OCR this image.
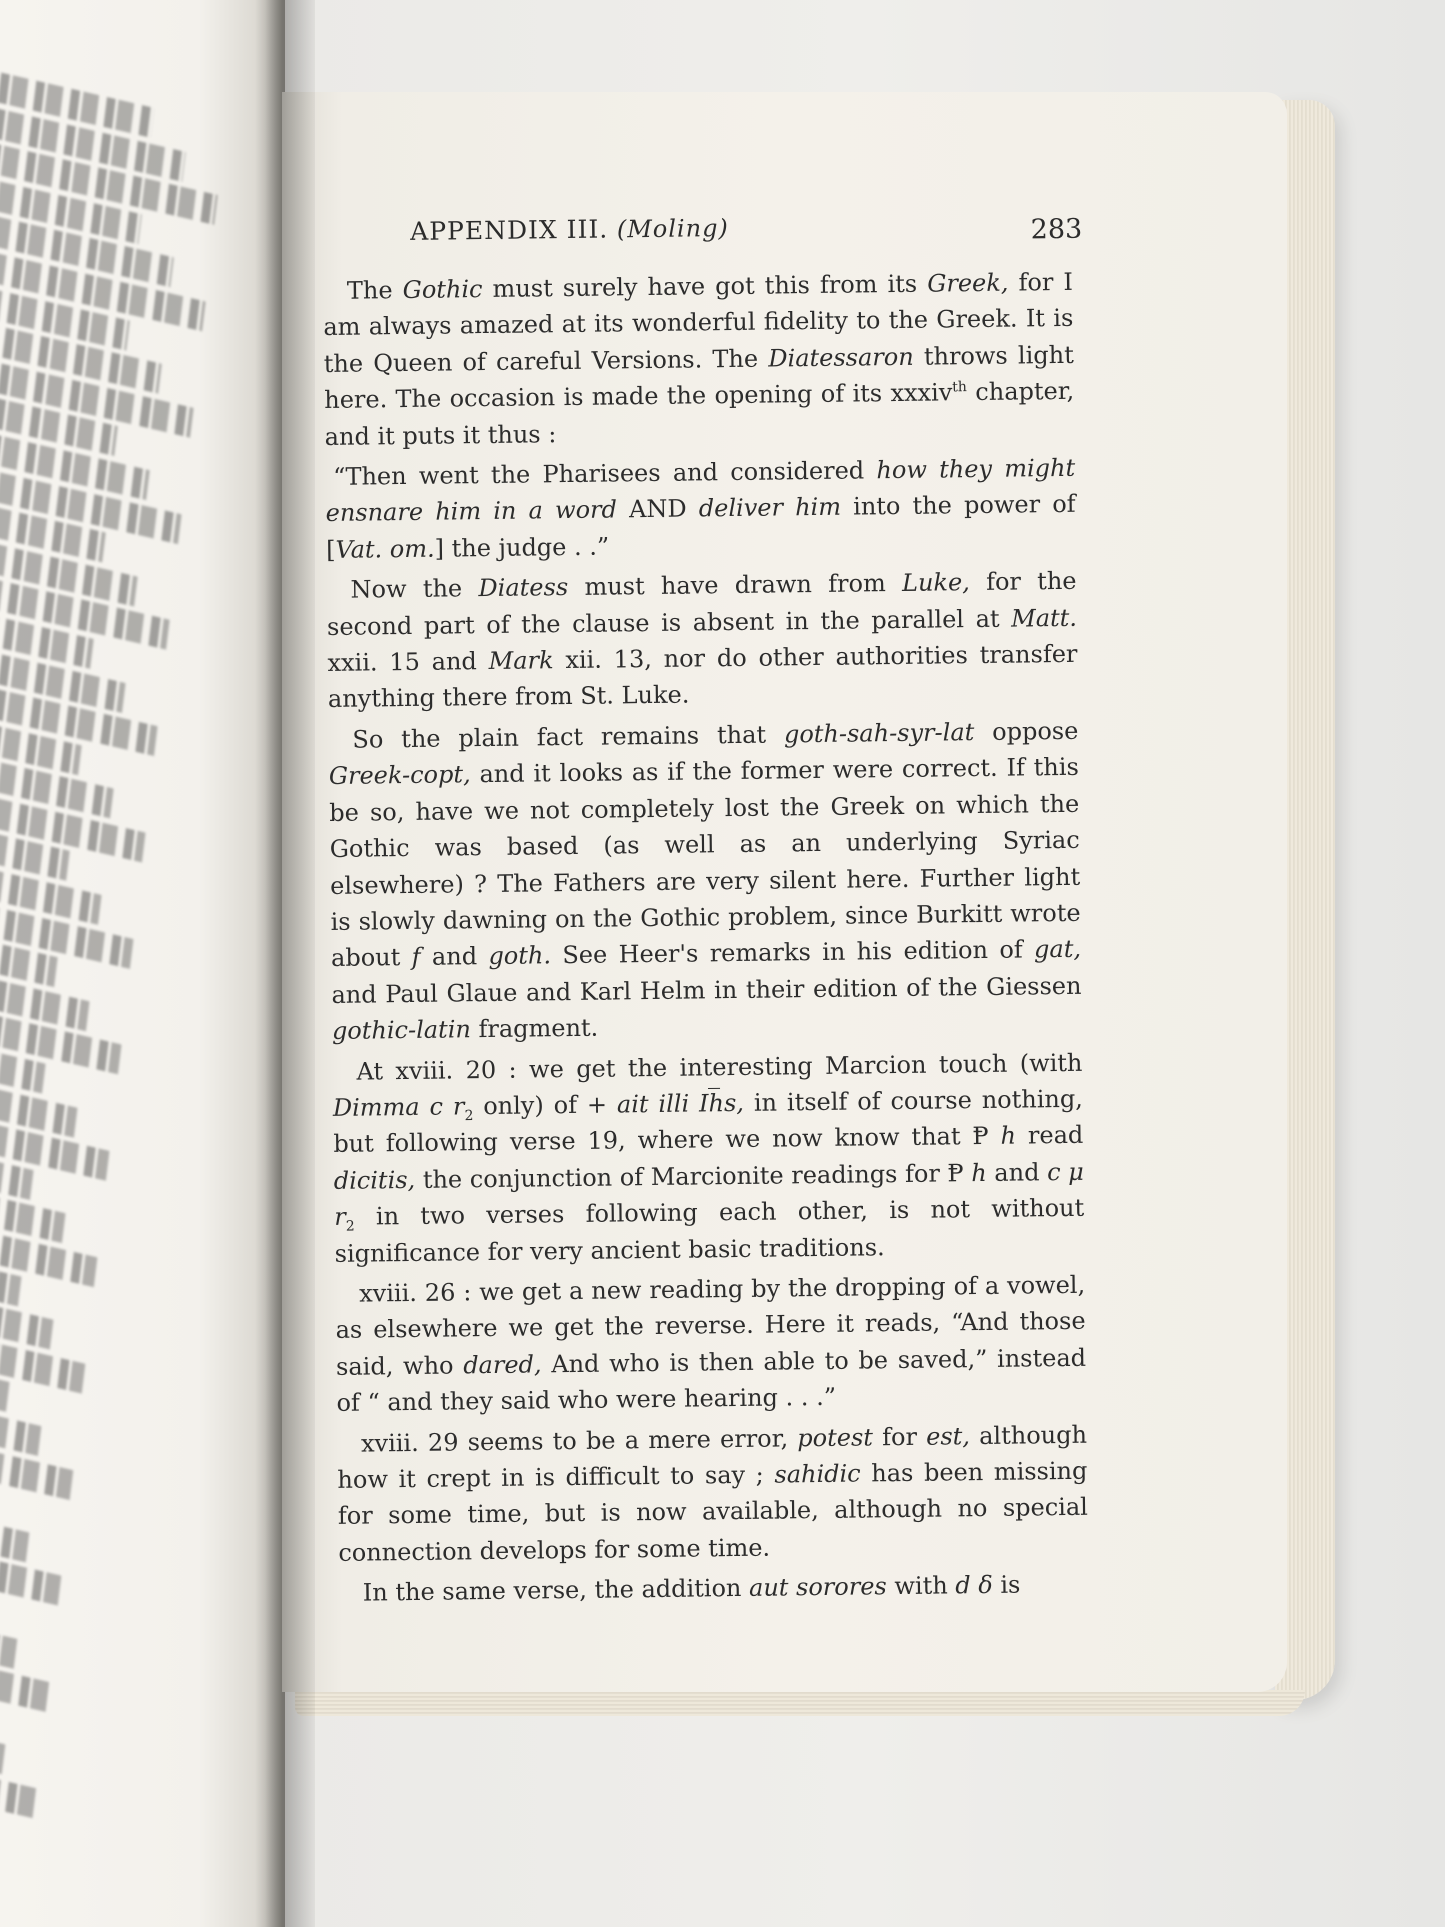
APPENDIX III. (Moling)	283

The Gothic must surely have got this from its Greek, for I am always amazed at its wonderful fidelity to the Greek. It is the Queen of careful Versions. The Diatessaron throws light here. The occasion is made the opening of its xxxiv$^{th}$ chapter, and it puts it thus :

“Then went the Pharisees and considered how they might ensnare him in a word AND deliver him into the power of [Vat. om.] the judge . .”

Now the Diatess must have drawn from Luke, for the second part of the clause is absent in the parallel at Matt. xxii. 15 and Mark xii. 13, nor do other authorities transfer anything there from St. Luke.

So the plain fact remains that goth-sah-syr-lat oppose Greek-copt, and it looks as if the former were correct. If this be so, have we not completely lost the Greek on which the Gothic was based (as well as an underlying Syriac elsewhere) ? The Fathers are very silent here. Further light is slowly dawning on the Gothic problem, since Burkitt wrote about f and goth. See Heer's remarks in his edition of gat, and Paul Glaue and Karl Helm in their edition of the Giessen gothic-latin fragment.

At xviii. 20 : we get the interesting Marcion touch (with Dimma c $r_2$ only) of + ait illi Ih̅s, in itself of course nothing, but following verse 19, where we now know that Ᵽ h read dicitis, the conjunction of Marcionite readings for Ᵽ h and c μ $r_2$ in two verses following each other, is not without significance for very ancient basic traditions.

xviii. 26 : we get a new reading by the dropping of a vowel, as elsewhere we get the reverse. Here it reads, “And those said, who dared, And who is then able to be saved,” instead of “ and they said who were hearing . . .”

xviii. 29 seems to be a mere error, potest for est, although how it crept in is difficult to say ; sahidic has been missing for some time, but is now available, although no special connection develops for some time.

In the same verse, the addition aut sorores with d δ is
